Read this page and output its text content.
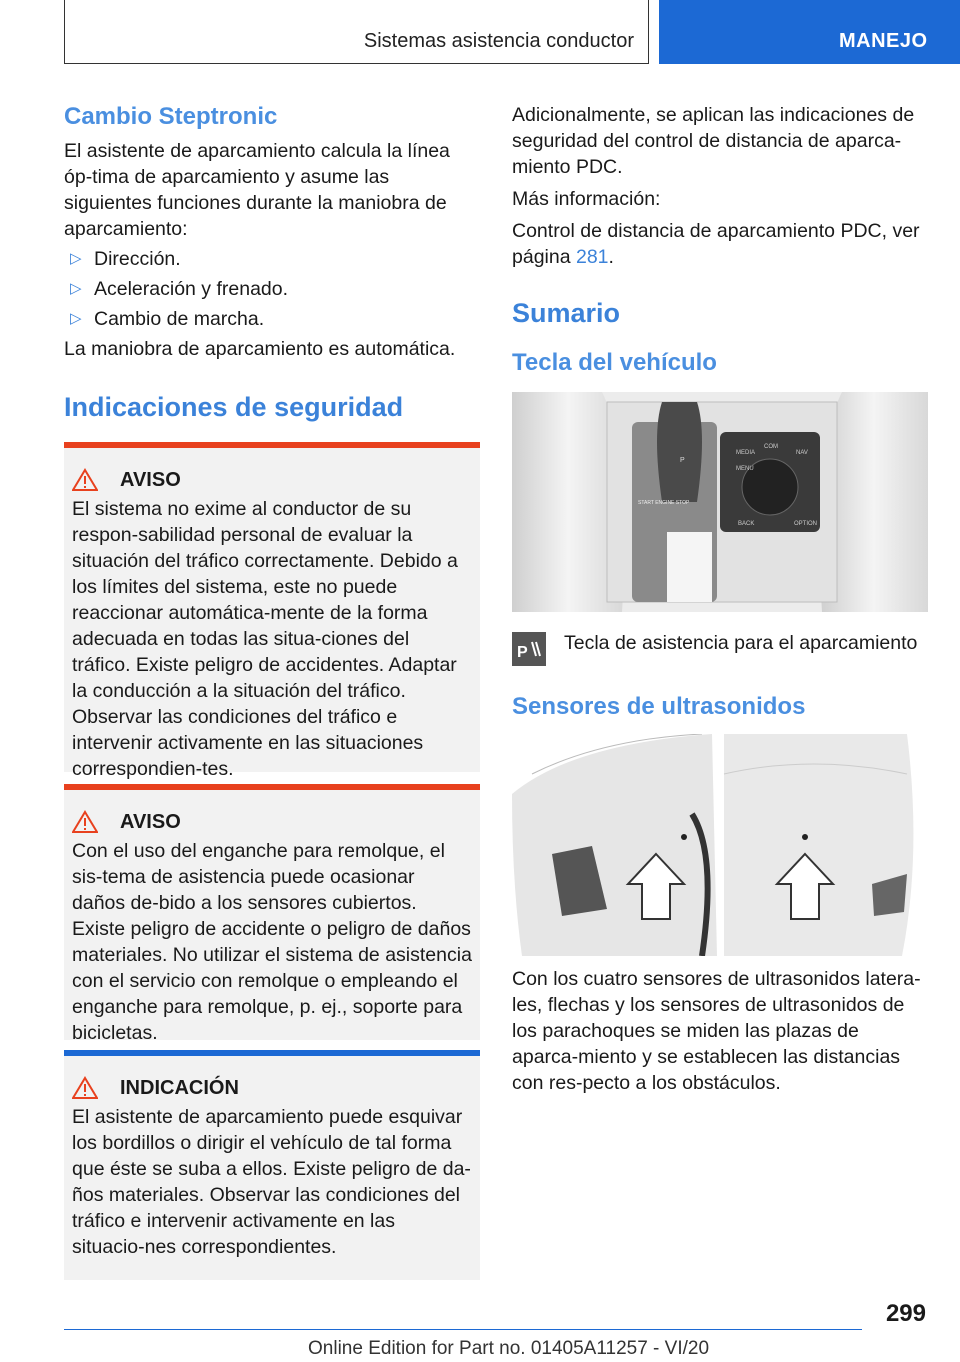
Sistemas asistencia conductor	MANEJO
Cambio Steptronic

El asistente de aparcamiento calcula la línea óp-tima de aparcamiento y asume las siguientes funciones durante la maniobra de aparcamiento:

▷ Dirección.
▷ Aceleración y frenado.
▷ Cambio de marcha.

La maniobra de aparcamiento es automática.

Indicaciones de seguridad
AVISO

El sistema no exime al conductor de su respon-sabilidad personal de evaluar la situación del tráfico correctamente. Debido a los límites del sistema, este no puede reaccionar automática-mente de la forma adecuada en todas las situa-ciones del tráfico. Existe peligro de accidentes. Adaptar la conducción a la situación del tráfico. Observar las condiciones del tráfico e intervenir activamente en las situaciones correspondien-tes.

AVISO

Con el uso del enganche para remolque, el sis-tema de asistencia puede ocasionar daños de-bido a los sensores cubiertos. Existe peligro de accidente o peligro de daños materiales. No utilizar el sistema de asistencia con el servicio con remolque o empleando el enganche para remolque, p. ej., soporte para bicicletas.

INDICACIÓN

El asistente de aparcamiento puede esquivar los bordillos o dirigir el vehículo de tal forma que éste se suba a ellos. Existe peligro de da-ños materiales. Observar las condiciones del tráfico e intervenir activamente en las situacio-nes correspondientes.

Adicionalmente, se aplican las indicaciones de seguridad del control de distancia de aparca-miento PDC.

Más información:

Control de distancia de aparcamiento PDC, ver página 281.

Sumario
Tecla del vehículo
MEDIA
COM
NAV
MENU
BACK	OPTION
START ENGINE STOP
P
P Tecla de asistencia para el aparcamiento
Sensores de ultrasonidos

Con los cuatro sensores de ultrasonidos latera-les, flechas y los sensores de ultrasonidos de los parachoques se miden las plazas de aparca-miento y se establecen las distancias con res-pecto a los obstáculos.

299
Online Edition for Part no. 01405A11257 - VI/20
